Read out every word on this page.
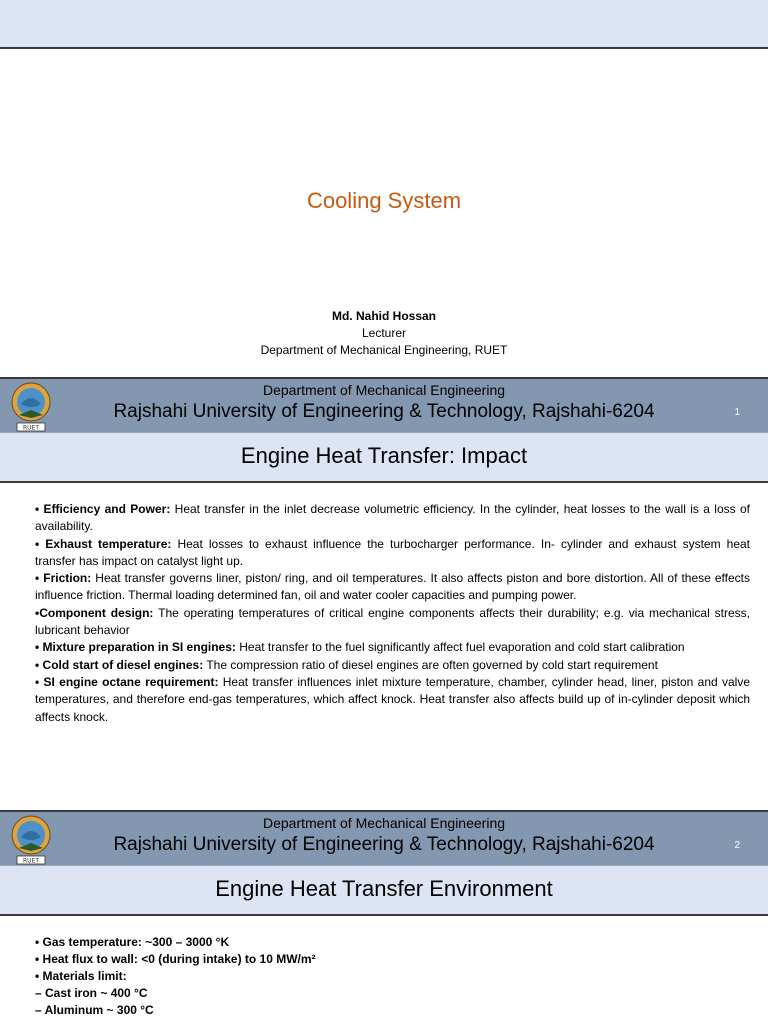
Cooling System
Md. Nahid Hossan
Lecturer
Department of Mechanical Engineering, RUET
RUET
Department of Mechanical Engineering
Rajshahi University of Engineering & Technology, Rajshahi-6204	1
Engine Heat Transfer: Impact

• Efficiency and Power: Heat transfer in the inlet decrease volumetric efficiency. In the cylinder, heat losses to the wall is a loss of availability.

• Exhaust temperature: Heat losses to exhaust influence the turbocharger performance. In- cylinder and exhaust system heat transfer has impact on catalyst light up.

• Friction: Heat transfer governs liner, piston/ ring, and oil temperatures. It also affects piston and bore distortion. All of these effects influence friction. Thermal loading determined fan, oil and water cooler capacities and pumping power.

•Component design: The operating temperatures of critical engine components affects their durability; e.g. via mechanical stress, lubricant behavior

• Mixture preparation in SI engines: Heat transfer to the fuel significantly affect fuel evaporation and cold start calibration

• Cold start of diesel engines: The compression ratio of diesel engines are often governed by cold start requirement

• SI engine octane requirement: Heat transfer influences inlet mixture temperature, chamber, cylinder head, liner, piston and valve temperatures, and therefore end-gas temperatures, which affect knock. Heat transfer also affects build up of in-cylinder deposit which affects knock.

RUET
Department of Mechanical Engineering
Rajshahi University of Engineering & Technology, Rajshahi-6204	2
Engine Heat Transfer Environment
• Gas temperature: ~300 – 3000 °K
• Heat flux to wall: <0 (during intake) to 10 MW/m²
• Materials limit:
– Cast iron ~ 400 °C
– Aluminum ~ 300 °C
